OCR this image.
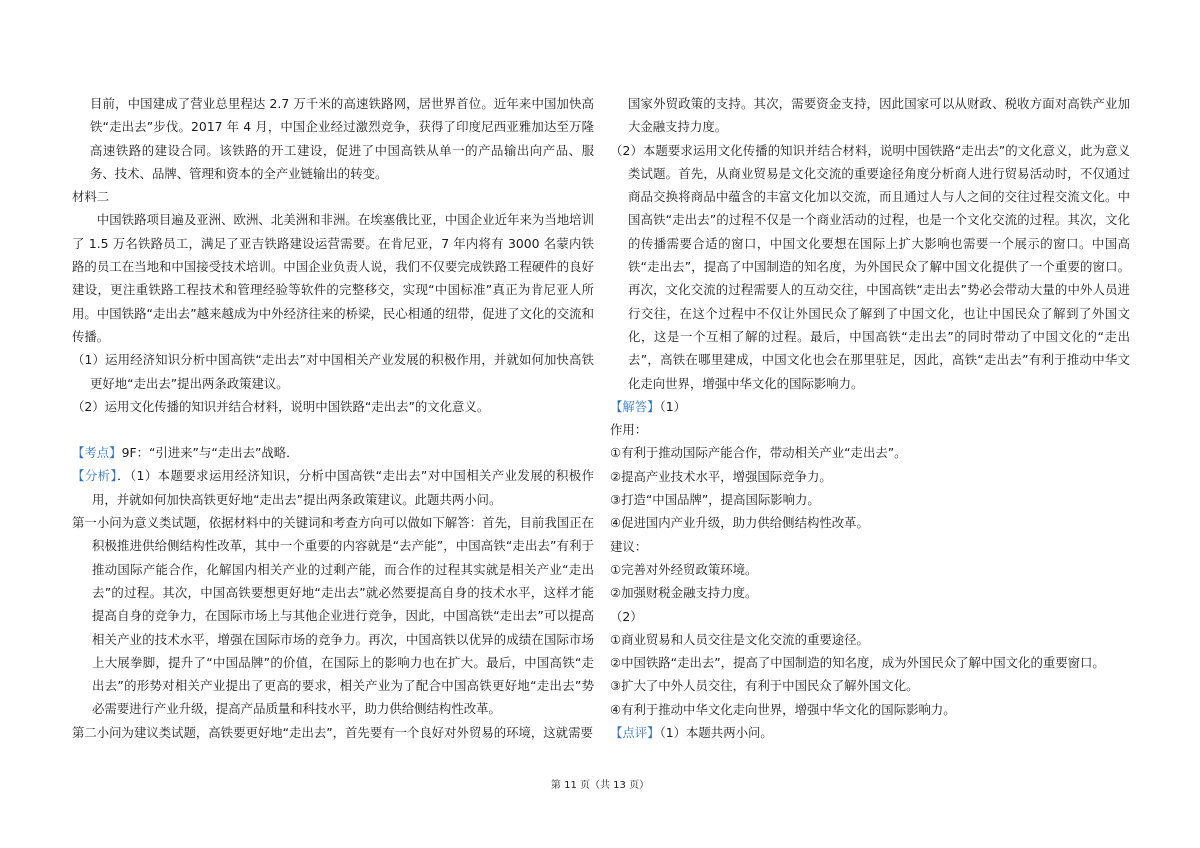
目前，中国建成了营业总里程达 2.7 万千米的高速铁路网，居世界首位。近年来中国加快高铁“走出去”步伐。2017 年 4 月，中国企业经过激烈竞争，获得了印度尼西亚雅加达至万隆高速铁路的建设合同。该铁路的开工建设，促进了中国高铁从单一的产品输出向产品、服务、技术、品牌、管理和资本的全产业链输出的转变。

材料二

中国铁路项目遍及亚洲、欧洲、北美洲和非洲。在埃塞俄比亚，中国企业近年来为当地培训了 1.5 万名铁路员工，满足了亚吉铁路建设运营需要。在肯尼亚，7 年内将有 3000 名蒙内铁路的员工在当地和中国接受技术培训。中国企业负责人说，我们不仅要完成铁路工程硬件的良好建设，更注重铁路工程技术和管理经验等软件的完整移交，实现“中国标准”真正为肯尼亚人所用。中国铁路“走出去”越来越成为中外经济往来的桥梁，民心相通的纽带，促进了文化的交流和传播。

（1）运用经济知识分析中国高铁“走出去”对中国相关产业发展的积极作用，并就如何加快高铁更好地“走出去”提出两条政策建议。

（2）运用文化传播的知识并结合材料，说明中国铁路“走出去”的文化意义。

【考点】9F：“引进来”与“走出去”战略．

【分析】．（1）本题要求运用经济知识，分析中国高铁“走出去”对中国相关产业发展的积极作用，并就如何加快高铁更好地“走出去”提出两条政策建议。此题共两小问。

第一小问为意义类试题，依据材料中的关键词和考查方向可以做如下解答：首先，目前我国正在积极推进供给侧结构性改革，其中一个重要的内容就是“去产能”，中国高铁“走出去”有利于推动国际产能合作，化解国内相关产业的过剩产能，而合作的过程其实就是相关产业“走出去”的过程。其次，中国高铁要想更好地“走出去”就必然要提高自身的技术水平，这样才能提高自身的竞争力，在国际市场上与其他企业进行竞争，因此，中国高铁“走出去”可以提高相关产业的技术水平，增强在国际市场的竞争力。再次，中国高铁以优异的成绩在国际市场上大展拳脚，提升了“中国品牌”的价值，在国际上的影响力也在扩大。最后，中国高铁“走出去”的形势对相关产业提出了更高的要求，相关产业为了配合中国高铁更好地“走出去”势必需要进行产业升级，提高产品质量和科技水平，助力供给侧结构性改革。

第二小问为建议类试题，高铁要更好地“走出去”，首先要有一个良好对外贸易的环境，这就需要

国家外贸政策的支持。其次，需要资金支持，因此国家可以从财政、税收方面对高铁产业加大金融支持力度。

（2）本题要求运用文化传播的知识并结合材料，说明中国铁路“走出去”的文化意义，此为意义类试题。首先，从商业贸易是文化交流的重要途径角度分析商人进行贸易活动时，不仅通过商品交换将商品中蕴含的丰富文化加以交流，而且通过人与人之间的交往过程交流文化。中国高铁“走出去”的过程不仅是一个商业活动的过程，也是一个文化交流的过程。其次，文化的传播需要合适的窗口，中国文化要想在国际上扩大影响也需要一个展示的窗口。中国高铁“走出去”，提高了中国制造的知名度，为外国民众了解中国文化提供了一个重要的窗口。再次，文化交流的过程需要人的互动交往，中国高铁“走出去”势必会带动大量的中外人员进行交往，在这个过程中不仅让外国民众了解到了中国文化，也让中国民众了解到了外国文化，这是一个互相了解的过程。最后，中国高铁“走出去”的同时带动了中国文化的“走出去”，高铁在哪里建成，中国文化也会在那里驻足，因此，高铁“走出去”有利于推动中华文化走向世界，增强中华文化的国际影响力。

【解答】（1）

作用：

①有利于推动国际产能合作，带动相关产业“走出去”。

②提高产业技术水平，增强国际竞争力。

③打造“中国品牌”，提高国际影响力。

④促进国内产业升级，助力供给侧结构性改革。

建议：

①完善对外经贸政策环境。

②加强财税金融支持力度。

（2）

①商业贸易和人员交往是文化交流的重要途径。

②中国铁路“走出去”，提高了中国制造的知名度，成为外国民众了解中国文化的重要窗口。

③扩大了中外人员交往，有利于中国民众了解外国文化。

④有利于推动中华文化走向世界，增强中华文化的国际影响力。

【点评】（1）本题共两小问。

第 11 页（共 13 页）
